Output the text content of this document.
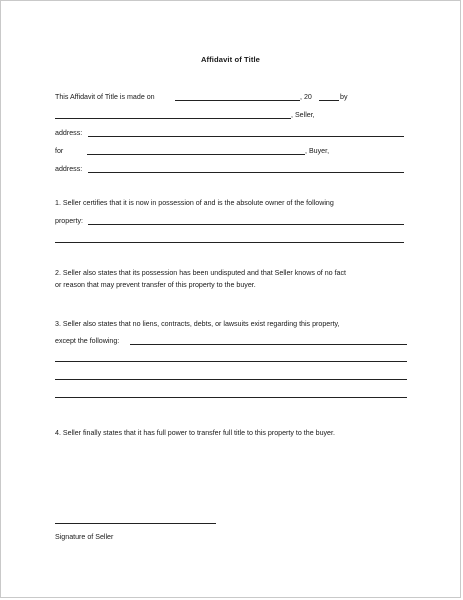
Affidavit of Title
This Affidavit of Title is made on	, 20	by
, Seller,
address:
for	, Buyer,
address:
1. Seller certifies that it is now in possession of and is the absolute owner of the following
property:
2. Seller also states that its possession has been undisputed and that Seller knows of no fact
or reason that may prevent transfer of this property to the buyer.
3. Seller also states that no liens, contracts, debts, or lawsuits exist regarding this property,
except the following:
4. Seller finally states that it has full power to transfer full title to this property to the buyer.
Signature of Seller
